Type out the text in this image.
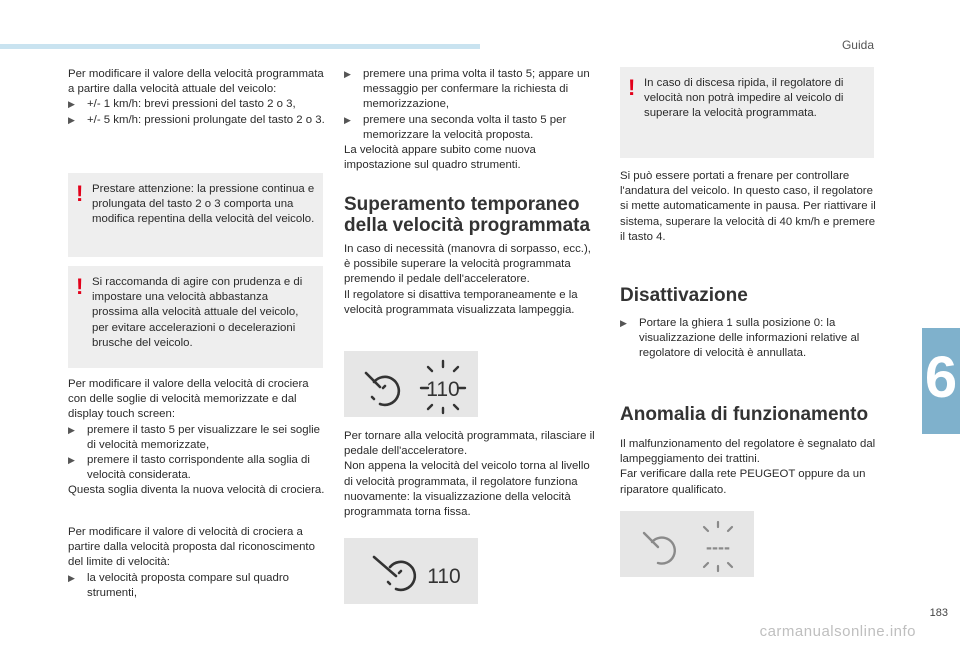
Guida
6
183
carmanualsonline.info

Per modificare il valore della velocità programmata a partire dalla velocità attuale del veicolo:

▶	+/- 1 km/h: brevi pressioni del tasto 2 o 3,
▶	+/- 5 km/h: pressioni prolungate del tasto 2 o 3.
! Prestare attenzione: la pressione continua e prolungata del tasto 2 o 3 comporta una modifica repentina della velocità del veicolo.

! Si raccomanda di agire con prudenza e di impostare una velocità abbastanza prossima alla velocità attuale del veicolo, per evitare accelerazioni o decelerazioni brusche del veicolo.

Per modificare il valore della velocità di crociera con delle soglie di velocità memorizzate e dal display touch screen:

▶	premere il tasto 5 per visualizzare le sei soglie di velocità memorizzate,
▶	premere il tasto corrispondente alla soglia di velocità considerata.

Questa soglia diventa la nuova velocità di crociera.

Per modificare il valore di velocità di crociera a partire dalla velocità proposta dal riconoscimento del limite di velocità:

▶	la velocità proposta compare sul quadro strumenti,
▶	premere una prima volta il tasto 5; appare un messaggio per confermare la richiesta di memorizzazione,
▶	premere una seconda volta il tasto 5 per memorizzare la velocità proposta.

La velocità appare subito come nuova impostazione sul quadro strumenti.

Superamento temporaneo della velocità programmata

In caso di necessità (manovra di sorpasso, ecc.), è possibile superare la velocità programmata premendo il pedale dell'acceleratore.

Il regolatore si disattiva temporaneamente e la velocità programmata visualizzata lampeggia.

110

Per tornare alla velocità programmata, rilasciare il pedale dell'acceleratore.

Non appena la velocità del veicolo torna al livello di velocità programmata, il regolatore funziona nuovamente: la visualizzazione della velocità programmata torna fissa.

110
! In caso di discesa ripida, il regolatore di velocità non potrà impedire al veicolo di superare la velocità programmata.

Si può essere portati a frenare per controllare l'andatura del veicolo. In questo caso, il regolatore si mette automaticamente in pausa. Per riattivare il sistema, superare la velocità di 40 km/h e premere il tasto 4.

Disattivazione
▶	Portare la ghiera 1 sulla posizione 0: la visualizzazione delle informazioni relative al regolatore di velocità è annullata.
Anomalia di funzionamento

Il malfunzionamento del regolatore è segnalato dal lampeggiamento dei trattini.

Far verificare dalla rete PEUGEOT oppure da un riparatore qualificato.

----
